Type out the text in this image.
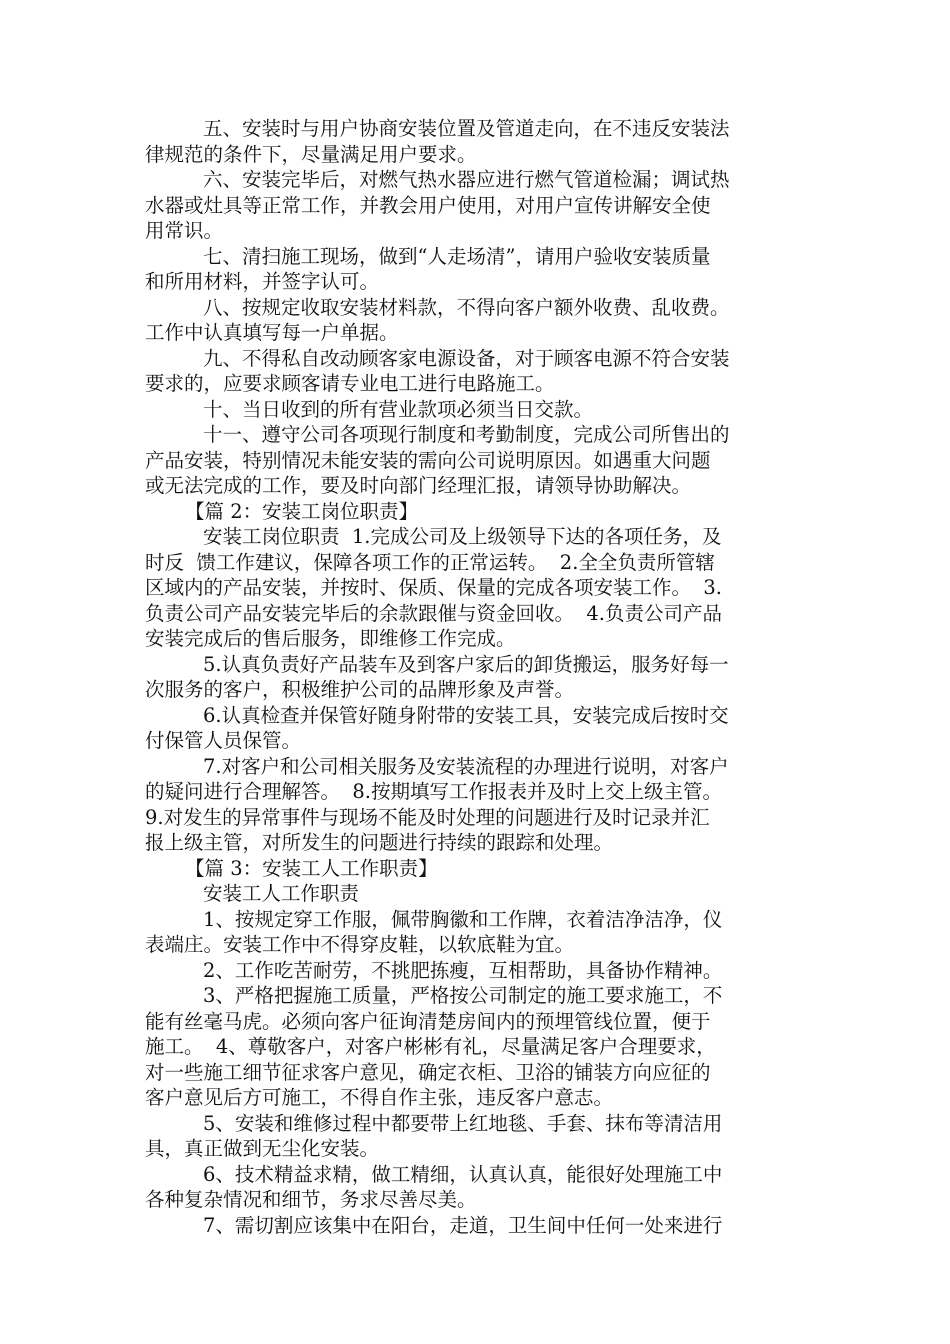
五、安装时与用户协商安装位置及管道走向，在不违反安装法
律规范的条件下，尽量满足用户要求。
六、安装完毕后，对燃气热水器应进行燃气管道检漏；调试热
水器或灶具等正常工作，并教会用户使用，对用户宣传讲解安全使
用常识。
七、清扫施工现场，做到“人走场清”，请用户验收安装质量
和所用材料，并签字认可。
八、按规定收取安装材料款，不得向客户额外收费、乱收费。
工作中认真填写每一户单据。
九、不得私自改动顾客家电源设备，对于顾客电源不符合安装
要求的，应要求顾客请专业电工进行电路施工。
十、当日收到的所有营业款项必须当日交款。
十一、遵守公司各项现行制度和考勤制度，完成公司所售出的
产品安装，特别情况未能安装的需向公司说明原因。如遇重大问题
或无法完成的工作，要及时向部门经理汇报，请领导协助解决。
【篇 2：安装工岗位职责】
安装工岗位职责  1.完成公司及上级领导下达的各项任务，及
时反  馈工作建议，保障各项工作的正常运转。  2.全全负责所管辖
区域内的产品安装，并按时、保质、保量的完成各项安装工作。  3.
负责公司产品安装完毕后的余款跟催与资金回收。  4.负责公司产品
安装完成后的售后服务，即维修工作完成。
5.认真负责好产品装车及到客户家后的卸货搬运，服务好每一
次服务的客户，积极维护公司的品牌形象及声誉。
6.认真检查并保管好随身附带的安装工具，安装完成后按时交
付保管人员保管。
7.对客户和公司相关服务及安装流程的办理进行说明，对客户
的疑问进行合理解答。  8.按期填写工作报表并及时上交上级主管。
9.对发生的异常事件与现场不能及时处理的问题进行及时记录并汇
报上级主管，对所发生的问题进行持续的跟踪和处理。
【篇 3：安装工人工作职责】
安装工人工作职责
1、按规定穿工作服，佩带胸徽和工作牌，衣着洁净洁净，仪
表端庄。安装工作中不得穿皮鞋，以软底鞋为宜。
2、工作吃苦耐劳，不挑肥拣瘦，互相帮助，具备协作精神。
3、严格把握施工质量，严格按公司制定的施工要求施工，不
能有丝毫马虎。必须向客户征询清楚房间内的预埋管线位置，便于
施工。  4、尊敬客户，对客户彬彬有礼，尽量满足客户合理要求，
对一些施工细节征求客户意见，确定衣柜、卫浴的铺装方向应征的
客户意见后方可施工，不得自作主张，违反客户意志。
5、安装和维修过程中都要带上红地毯、手套、抹布等清洁用
具，真正做到无尘化安装。
6、技术精益求精，做工精细，认真认真，能很好处理施工中
各种复杂情况和细节，务求尽善尽美。
7、需切割应该集中在阳台，走道，卫生间中任何一处来进行
